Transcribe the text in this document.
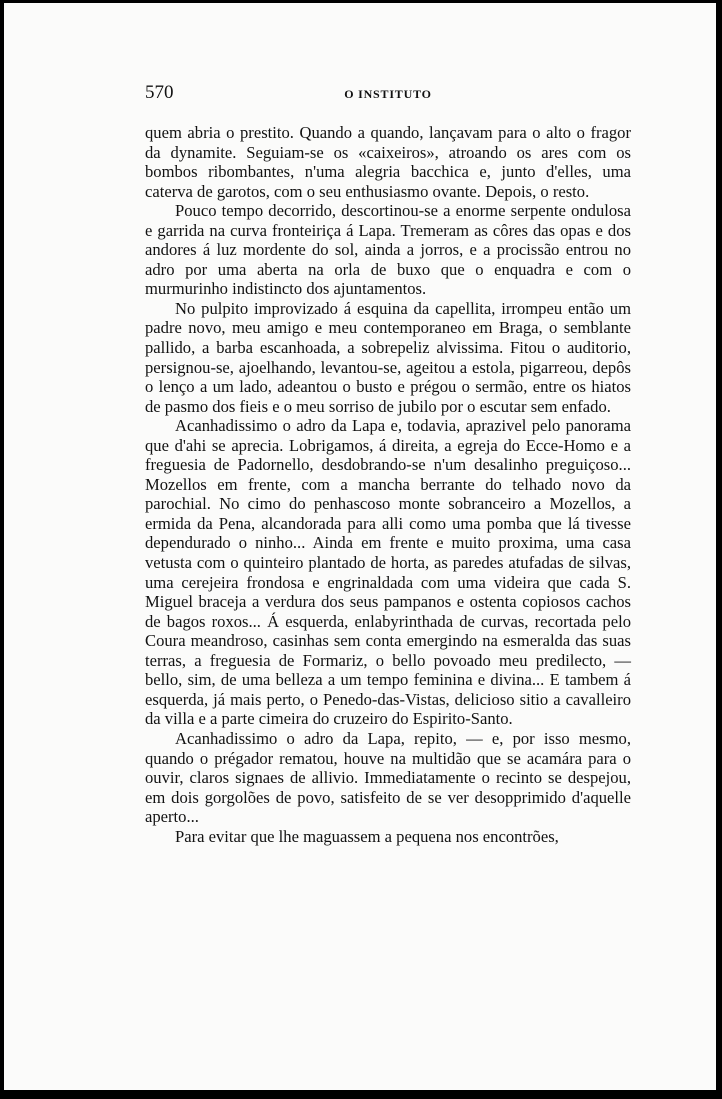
570	O INSTITUTO

quem abria o prestito. Quando a quando, lançavam para o alto o fragor da dynamite. Seguiam-se os «caixeiros», atroando os ares com os bombos ribombantes, n'uma alegria bacchica e, junto d'elles, uma caterva de garotos, com o seu enthusiasmo ovante. Depois, o resto.

Pouco tempo decorrido, descortinou-se a enorme serpente ondulosa e garrida na curva fronteiriça á Lapa. Tremeram as côres das opas e dos andores á luz mordente do sol, ainda a jorros, e a procissão entrou no adro por uma aberta na orla de buxo que o enquadra e com o murmurinho indistincto dos ajuntamentos.

No pulpito improvizado á esquina da capellita, irrompeu então um padre novo, meu amigo e meu contemporaneo em Braga, o semblante pallido, a barba escanhoada, a sobrepeliz alvissima. Fitou o auditorio, persignou-se, ajoelhando, levantou-se, ageitou a estola, pigarreou, depôs o lenço a um lado, adeantou o busto e prégou o sermão, entre os hiatos de pasmo dos fieis e o meu sorriso de jubilo por o escutar sem enfado.

Acanhadissimo o adro da Lapa e, todavia, aprazivel pelo panorama que d'ahi se aprecia. Lobrigamos, á direita, a egreja do Ecce-Homo e a freguesia de Padornello, desdobrando-se n'um desalinho preguiçoso... Mozellos em frente, com a mancha berrante do telhado novo da parochial. No cimo do penhascoso monte sobranceiro a Mozellos, a ermida da Pena, alcandorada para alli como uma pomba que lá tivesse dependurado o ninho... Ainda em frente e muito proxima, uma casa vetusta com o quinteiro plantado de horta, as paredes atufadas de silvas, uma cerejeira frondosa e engrinaldada com uma videira que cada S. Miguel braceja a verdura dos seus pampanos e ostenta copiosos cachos de bagos roxos... Á esquerda, enlabyrinthada de curvas, recortada pelo Coura meandroso, casinhas sem conta emergindo na esmeralda das suas terras, a freguesia de Formariz, o bello povoado meu predilecto, — bello, sim, de uma belleza a um tempo feminina e divina... E tambem á esquerda, já mais perto, o Penedo-das-Vistas, delicioso sitio a cavalleiro da villa e a parte cimeira do cruzeiro do Espirito-Santo.

Acanhadissimo o adro da Lapa, repito, — e, por isso mesmo, quando o prégador rematou, houve na multidão que se acamára para o ouvir, claros signaes de allivio. Immediatamente o recinto se despejou, em dois gorgolões de povo, satisfeito de se ver desopprimido d'aquelle aperto...

Para evitar que lhe maguassem a pequena nos encontrões,
